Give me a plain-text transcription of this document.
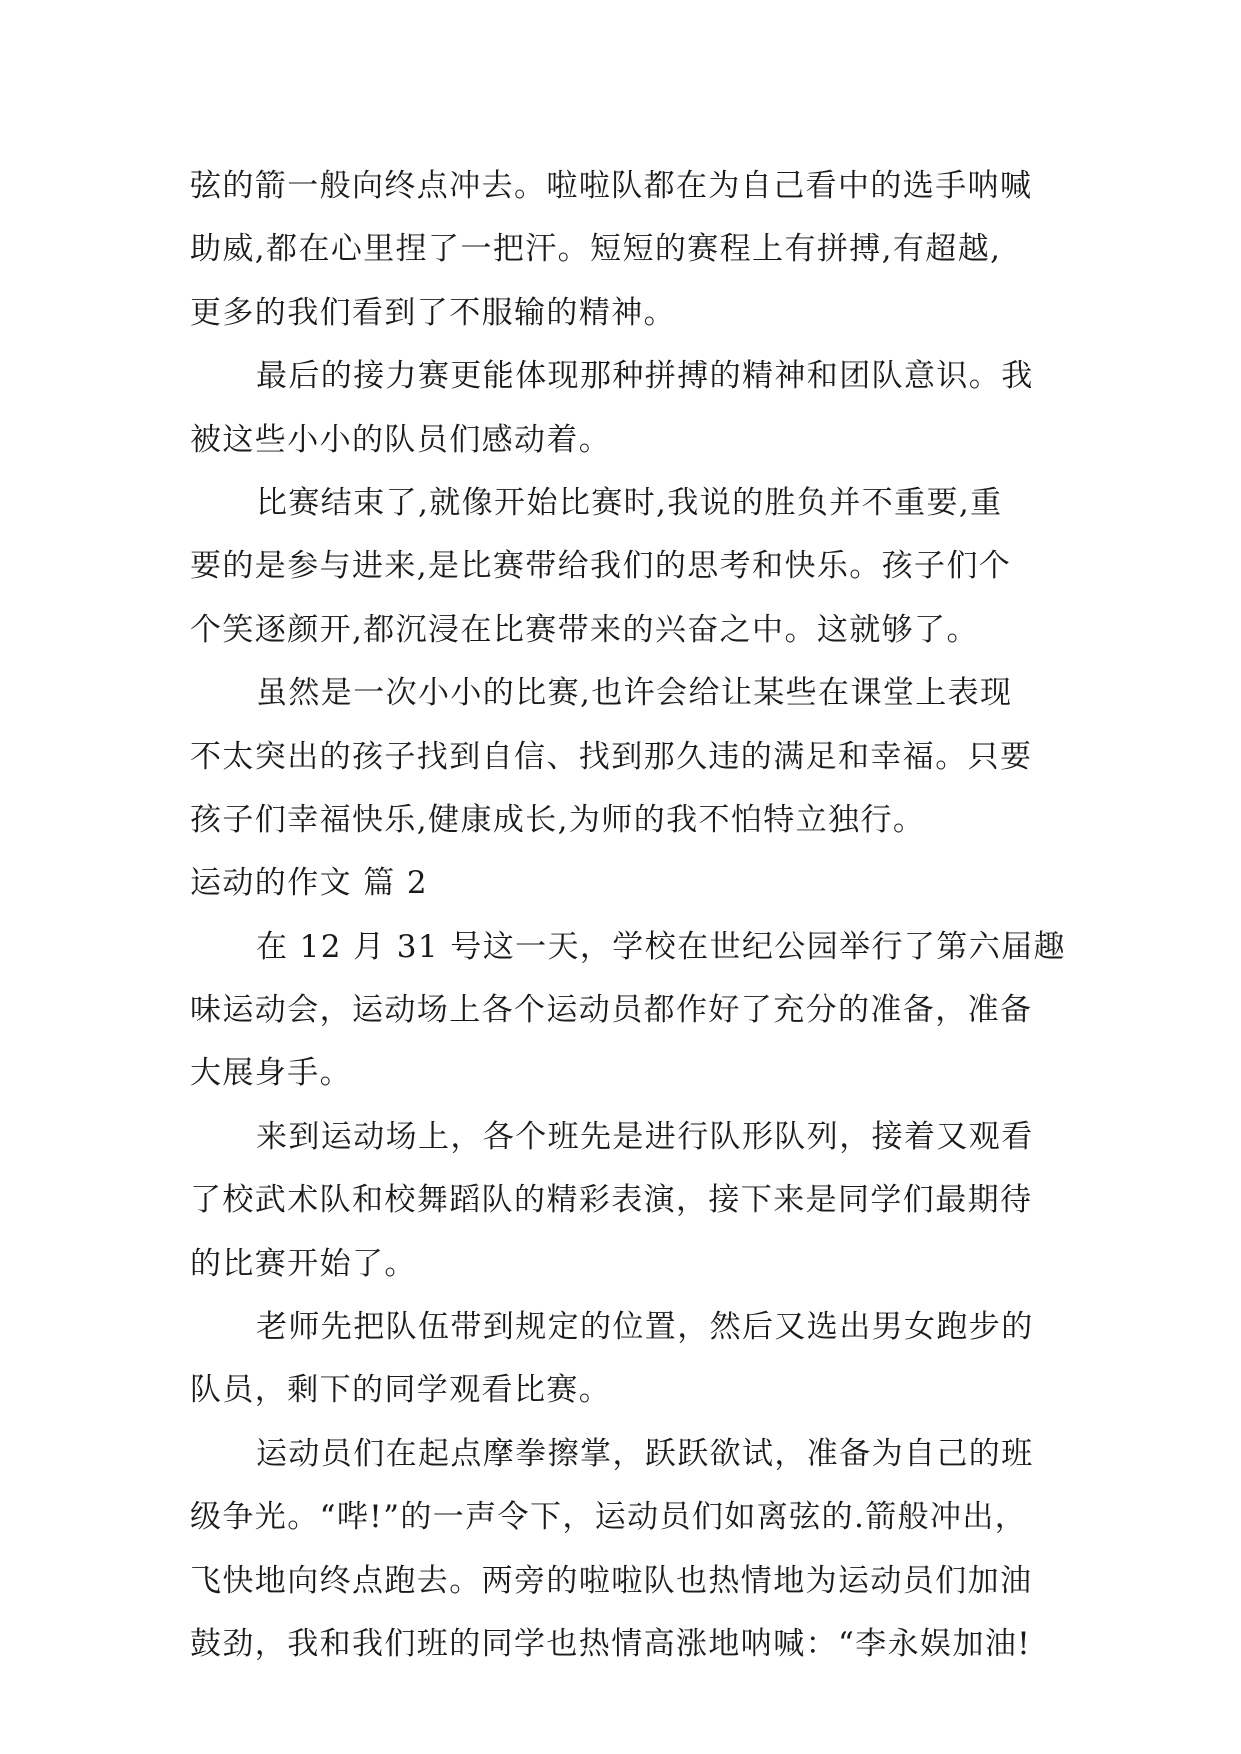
弦的箭一般向终点冲去。啦啦队都在为自己看中的选手呐喊
助威,都在心里捏了一把汗。短短的赛程上有拼搏,有超越,
更多的我们看到了不服输的精神。
最后的接力赛更能体现那种拼搏的精神和团队意识。我
被这些小小的队员们感动着。
比赛结束了,就像开始比赛时,我说的胜负并不重要,重
要的是参与进来,是比赛带给我们的思考和快乐。孩子们个
个笑逐颜开,都沉浸在比赛带来的兴奋之中。这就够了。
虽然是一次小小的比赛,也许会给让某些在课堂上表现
不太突出的孩子找到自信、找到那久违的满足和幸福。只要
孩子们幸福快乐,健康成长,为师的我不怕特立独行。
运动的作文 篇 2
在 12 月 31 号这一天，学校在世纪公园举行了第六届趣
味运动会，运动场上各个运动员都作好了充分的准备，准备
大展身手。
来到运动场上，各个班先是进行队形队列，接着又观看
了校武术队和校舞蹈队的精彩表演，接下来是同学们最期待
的比赛开始了。
老师先把队伍带到规定的位置，然后又选出男女跑步的
队员，剩下的同学观看比赛。
运动员们在起点摩拳擦掌，跃跃欲试，准备为自己的班
级争光。“哔!”的一声令下，运动员们如离弦的.箭般冲出，
飞快地向终点跑去。两旁的啦啦队也热情地为运动员们加油
鼓劲，我和我们班的同学也热情高涨地呐喊：“李永娱加油!
